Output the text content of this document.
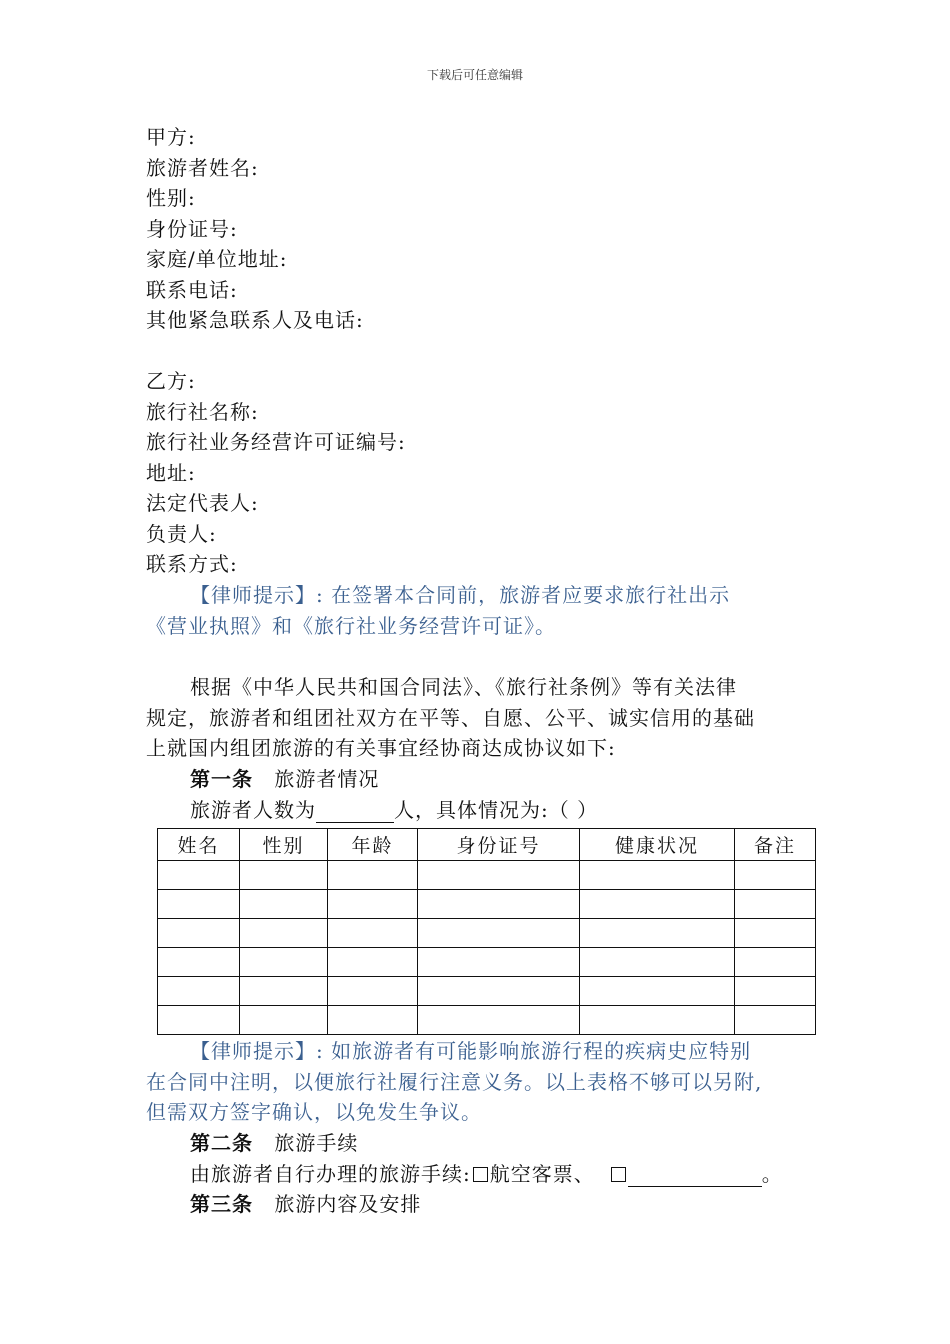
下载后可任意编辑
甲方:
旅游者姓名:
性别:
身份证号:
家庭/单位地址:
联系电话:
其他紧急联系人及电话:
乙方:
旅行社名称:
旅行社业务经营许可证编号:
地址:
法定代表人:
负责人:
联系方式:
【律师提示】: 在签署本合同前，旅游者应要求旅行社出示
《营业执照》和《旅行社业务经营许可证》。
根据《中华人民共和国合同法》、《旅行社条例》等有关法律
规定，旅游者和组团社双方在平等、自愿、公平、诚实信用的基础
上就国内组团旅游的有关事宜经协商达成协议如下:
第一条 旅游者情况
旅游者人数为	人，具体情况为:（ ）
姓名	性别	年龄	身份证号	健康状况	备注

【律师提示】: 如旅游者有可能影响旅游行程的疾病史应特别
在合同中注明，以便旅行社履行注意义务。以上表格不够可以另附,
但需双方签字确认，以免发生争议。
第二条 旅游手续
由旅游者自行办理的旅游手续: 航空客票、	。
第三条 旅游内容及安排
